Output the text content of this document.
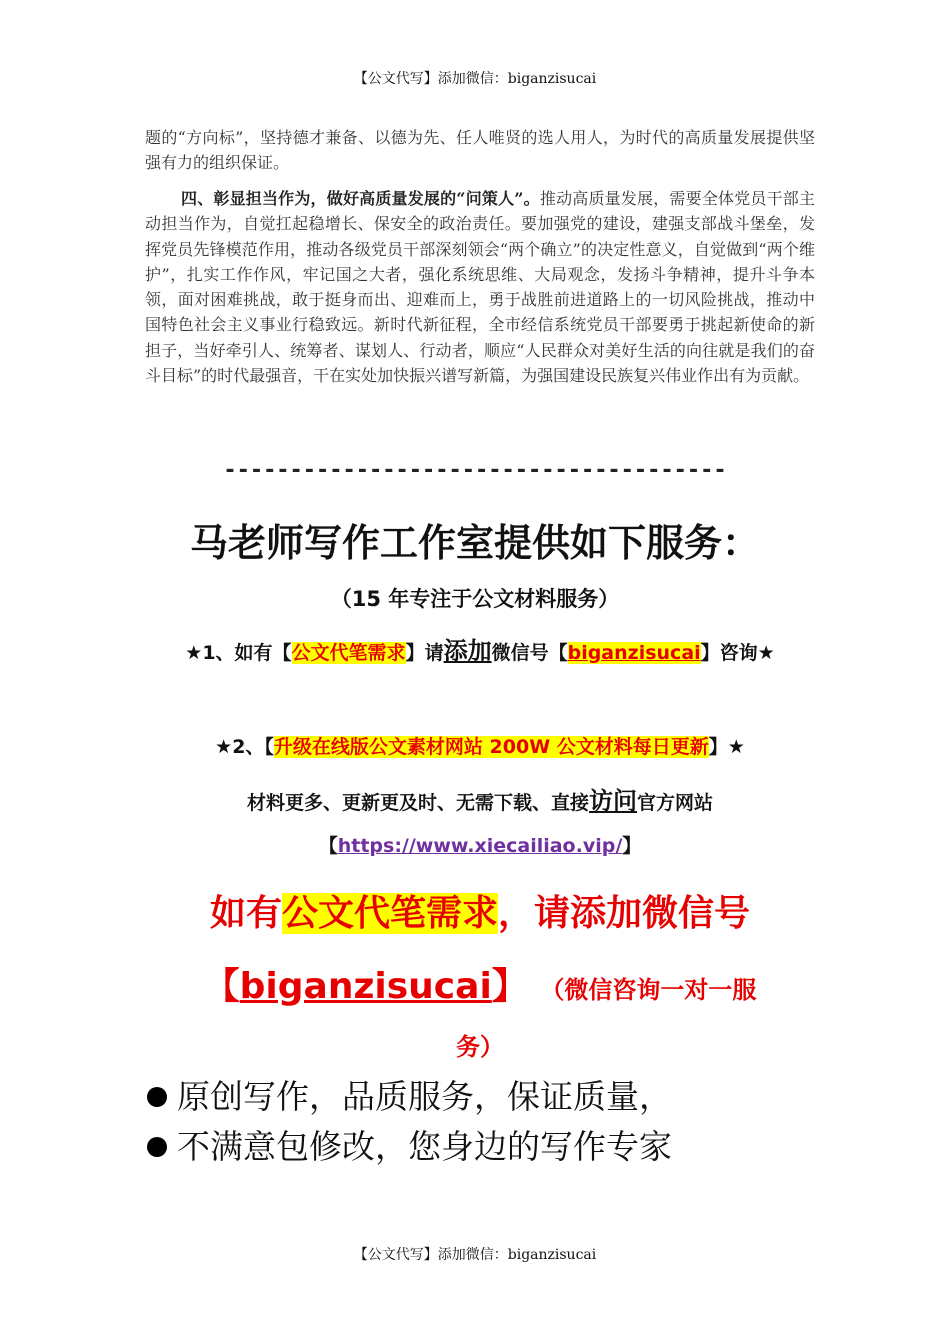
【公文代写】添加微信：biganzisucai
题的“方向标”，坚持德才兼备、以德为先、任人唯贤的选人用人，为时代的高质量发展提供坚强有力的组织保证。
四、彰显担当作为，做好高质量发展的“问策人”。推动高质量发展，需要全体党员干部主动担当作为，自觉扛起稳增长、保安全的政治责任。要加强党的建设，建强支部战斗堡垒，发挥党员先锋模范作用，推动各级党员干部深刻领会“两个确立”的决定性意义，自觉做到“两个维护”，扎实工作作风，牢记国之大者，强化系统思维、大局观念，发扬斗争精神，提升斗争本领，面对困难挑战，敢于挺身而出、迎难而上，勇于战胜前进道路上的一切风险挑战，推动中国特色社会主义事业行稳致远。新时代新征程，全市经信系统党员干部要勇于挑起新使命的新担子，当好牵引人、统筹者、谋划人、行动者，顺应“人民群众对美好生活的向往就是我们的奋斗目标”的时代最强音，干在实处加快振兴谱写新篇，为强国建设民族复兴伟业作出有为贡献。
--------------------------------------
马老师写作工作室提供如下服务：
（15 年专注于公文材料服务）
★1、如有【公文代笔需求】请添加微信号【biganzisucai】咨询★
★2、【升级在线版公文素材网站 200W 公文材料每日更新】★
材料更多、更新更及时、无需下载、直接访问官方网站
【https://www.xiecailiao.vip/】
如有公文代笔需求，请添加微信号
【biganzisucai】 （微信咨询一对一服
务）
原创写作，品质服务，保证质量，
不满意包修改，您身边的写作专家
【公文代写】添加微信：biganzisucai
